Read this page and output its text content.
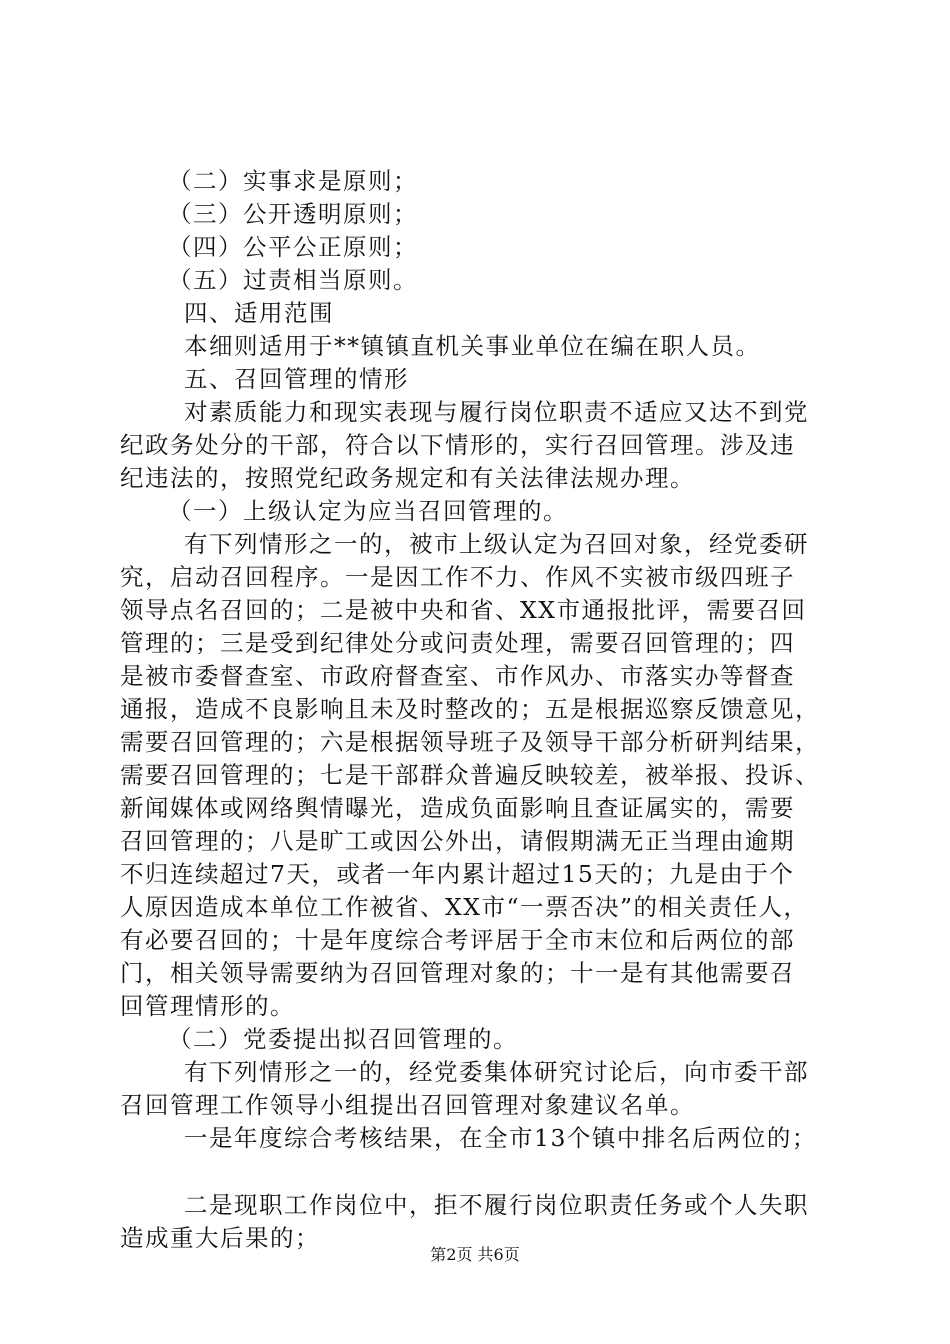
（二）实事求是原则；
（三）公开透明原则；
（四）公平公正原则；
（五）过责相当原则。
四、适用范围
本细则适用于**镇镇直机关事业单位在编在职人员。
五、召回管理的情形
对素质能力和现实表现与履行岗位职责不适应又达不到党
纪政务处分的干部，符合以下情形的，实行召回管理。涉及违
纪违法的，按照党纪政务规定和有关法律法规办理。
（一）上级认定为应当召回管理的。
有下列情形之一的，被市上级认定为召回对象，经党委研
究，启动召回程序。一是因工作不力、作风不实被市级四班子
领导点名召回的；二是被中央和省、XX市通报批评，需要召回
管理的；三是受到纪律处分或问责处理，需要召回管理的；四
是被市委督查室、市政府督查室、市作风办、市落实办等督查
通报，造成不良影响且未及时整改的；五是根据巡察反馈意见，
需要召回管理的；六是根据领导班子及领导干部分析研判结果，
需要召回管理的；七是干部群众普遍反映较差，被举报、投诉、
新闻媒体或网络舆情曝光，造成负面影响且查证属实的，需要
召回管理的；八是旷工或因公外出，请假期满无正当理由逾期
不归连续超过7天，或者一年内累计超过15天的；九是由于个
人原因造成本单位工作被省、XX市“一票否决”的相关责任人，
有必要召回的；十是年度综合考评居于全市末位和后两位的部
门，相关领导需要纳为召回管理对象的；十一是有其他需要召
回管理情形的。
（二）党委提出拟召回管理的。
有下列情形之一的，经党委集体研究讨论后，向市委干部
召回管理工作领导小组提出召回管理对象建议名单。
一是年度综合考核结果，在全市13个镇中排名后两位的；
二是现职工作岗位中，拒不履行岗位职责任务或个人失职
造成重大后果的；
第2页 共6页
